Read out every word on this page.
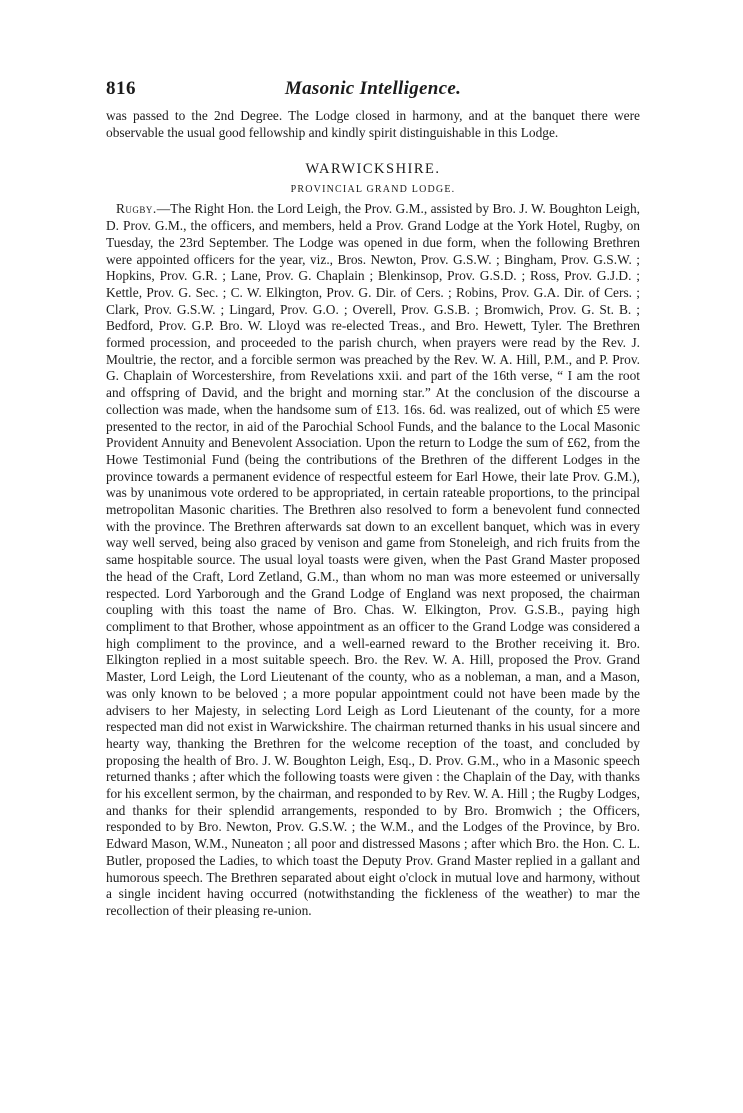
816	Masonic Intelligence.

was passed to the 2nd Degree. The Lodge closed in harmony, and at the banquet there were observable the usual good fellowship and kindly spirit distinguishable in this Lodge.

WARWICKSHIRE.
PROVINCIAL GRAND LODGE.

Rugby.—The Right Hon. the Lord Leigh, the Prov. G.M., assisted by Bro. J. W. Boughton Leigh, D. Prov. G.M., the officers, and members, held a Prov. Grand Lodge at the York Hotel, Rugby, on Tuesday, the 23rd September. The Lodge was opened in due form, when the following Brethren were appointed officers for the year, viz., Bros. Newton, Prov. G.S.W. ; Bingham, Prov. G.S.W. ; Hopkins, Prov. G.R. ; Lane, Prov. G. Chaplain ; Blenkinsop, Prov. G.S.D. ; Ross, Prov. G.J.D. ; Kettle, Prov. G. Sec. ; C. W. Elkington, Prov. G. Dir. of Cers. ; Robins, Prov. G.A. Dir. of Cers. ; Clark, Prov. G.S.W. ; Lingard, Prov. G.O. ; Overell, Prov. G.S.B. ; Bromwich, Prov. G. St. B. ; Bedford, Prov. G.P. Bro. W. Lloyd was re-elected Treas., and Bro. Hewett, Tyler. The Brethren formed procession, and proceeded to the parish church, when prayers were read by the Rev. J. Moultrie, the rector, and a forcible sermon was preached by the Rev. W. A. Hill, P.M., and P. Prov. G. Chaplain of Worcestershire, from Revelations xxii. and part of the 16th verse, “ I am the root and offspring of David, and the bright and morning star.” At the conclusion of the discourse a collection was made, when the handsome sum of £13. 16s. 6d. was realized, out of which £5 were presented to the rector, in aid of the Parochial School Funds, and the balance to the Local Masonic Provident Annuity and Benevolent Association. Upon the return to Lodge the sum of £62, from the Howe Testimonial Fund (being the contributions of the Brethren of the different Lodges in the province towards a permanent evidence of respectful esteem for Earl Howe, their late Prov. G.M.), was by unanimous vote ordered to be appropriated, in certain rateable proportions, to the principal metropolitan Masonic charities. The Brethren also resolved to form a benevolent fund connected with the province. The Brethren afterwards sat down to an excellent banquet, which was in every way well served, being also graced by venison and game from Stoneleigh, and rich fruits from the same hospitable source. The usual loyal toasts were given, when the Past Grand Master proposed the head of the Craft, Lord Zetland, G.M., than whom no man was more esteemed or universally respected. Lord Yarborough and the Grand Lodge of England was next proposed, the chairman coupling with this toast the name of Bro. Chas. W. Elkington, Prov. G.S.B., paying high compliment to that Brother, whose appointment as an officer to the Grand Lodge was considered a high compliment to the province, and a well-earned reward to the Brother receiving it. Bro. Elkington replied in a most suitable speech. Bro. the Rev. W. A. Hill, proposed the Prov. Grand Master, Lord Leigh, the Lord Lieutenant of the county, who as a nobleman, a man, and a Mason, was only known to be beloved ; a more popular appointment could not have been made by the advisers to her Majesty, in selecting Lord Leigh as Lord Lieutenant of the county, for a more respected man did not exist in Warwickshire. The chairman returned thanks in his usual sincere and hearty way, thanking the Brethren for the welcome reception of the toast, and concluded by proposing the health of Bro. J. W. Boughton Leigh, Esq., D. Prov. G.M., who in a Masonic speech returned thanks ; after which the following toasts were given : the Chaplain of the Day, with thanks for his excellent sermon, by the chairman, and responded to by Rev. W. A. Hill ; the Rugby Lodges, and thanks for their splendid arrangements, responded to by Bro. Bromwich ; the Officers, responded to by Bro. Newton, Prov. G.S.W. ; the W.M., and the Lodges of the Province, by Bro. Edward Mason, W.M., Nuneaton ; all poor and distressed Masons ; after which Bro. the Hon. C. L. Butler, proposed the Ladies, to which toast the Deputy Prov. Grand Master replied in a gallant and humorous speech. The Brethren separated about eight o'clock in mutual love and harmony, without a single incident having occurred (notwithstanding the fickleness of the weather) to mar the recollection of their pleasing re-union.
